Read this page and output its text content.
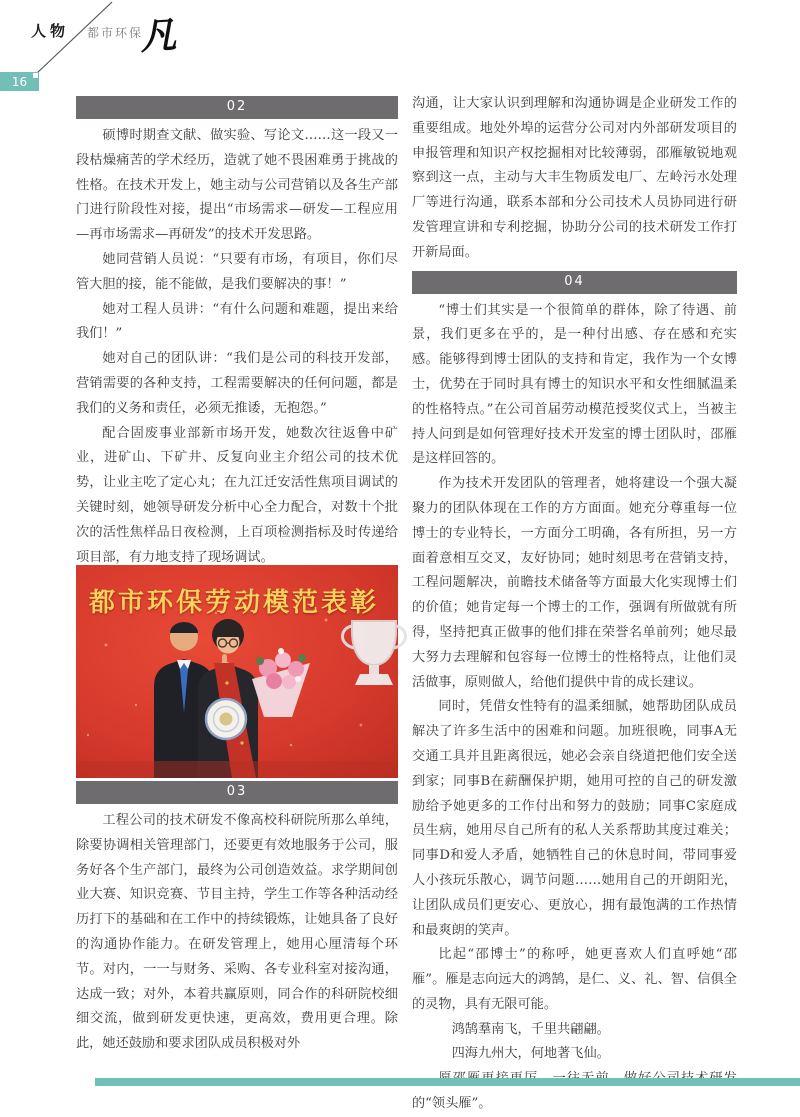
人物 都市环保
凡
16
02

硕博时期查文献、做实验、写论文……这一段又一段枯燥痛苦的学术经历，造就了她不畏困难勇于挑战的性格。在技术开发上，她主动与公司营销以及各生产部门进行阶段性对接，提出“市场需求—研发—工程应用—再市场需求—再研发”的技术开发思路。

她同营销人员说：“只要有市场，有项目，你们尽管大胆的接，能不能做，是我们要解决的事！”

她对工程人员讲：“有什么问题和难题，提出来给我们！”

她对自己的团队讲：“我们是公司的科技开发部，营销需要的各种支持，工程需要解决的任何问题，都是我们的义务和责任，必须无推诿，无抱怨。”

配合固废事业部新市场开发，她数次往返鲁中矿业，进矿山、下矿井、反复向业主介绍公司的技术优势，让业主吃了定心丸；在九江迁安活性焦项目调试的关键时刻，她领导研发分析中心全力配合，对数十个批次的活性焦样品日夜检测，上百项检测指标及时传递给项目部，有力地支持了现场调试。

都市环保劳动模范表彰
03

工程公司的技术研发不像高校科研院所那么单纯，除要协调相关管理部门，还要更有效地服务于公司，服务好各个生产部门，最终为公司创造效益。求学期间创业大赛、知识竞赛、节目主持，学生工作等各种活动经历打下的基础和在工作中的持续锻炼，让她具备了良好的沟通协作能力。在研发管理上，她用心厘清每个环节。对内，一一与财务、采购、各专业科室对接沟通，达成一致；对外，本着共赢原则，同合作的科研院校细细交流，做到研发更快速，更高效，费用更合理。除此，她还鼓励和要求团队成员积极对外

沟通，让大家认识到理解和沟通协调是企业研发工作的重要组成。地处外埠的运营分公司对内外部研发项目的申报管理和知识产权挖掘相对比较薄弱，邵雁敏锐地观察到这一点，主动与大丰生物质发电厂、左岭污水处理厂等进行沟通，联系本部和分公司技术人员协同进行研发管理宣讲和专利挖掘，协助分公司的技术研发工作打开新局面。

04

“博士们其实是一个很简单的群体，除了待遇、前景，我们更多在乎的，是一种付出感、存在感和充实感。能够得到博士团队的支持和肯定，我作为一个女博士，优势在于同时具有博士的知识水平和女性细腻温柔的性格特点。”在公司首届劳动模范授奖仪式上，当被主持人问到是如何管理好技术开发室的博士团队时，邵雁是这样回答的。

作为技术开发团队的管理者，她将建设一个强大凝聚力的团队体现在工作的方方面面。她充分尊重每一位博士的专业特长，一方面分工明确，各有所担，另一方面着意相互交叉，友好协同；她时刻思考在营销支持，工程问题解决，前瞻技术储备等方面最大化实现博士们的价值；她肯定每一个博士的工作，强调有所做就有所得，坚持把真正做事的他们排在荣誉名单前列；她尽最大努力去理解和包容每一位博士的性格特点，让他们灵活做事，原则做人，给他们提供中肯的成长建议。

同时，凭借女性特有的温柔细腻，她帮助团队成员解决了许多生活中的困难和问题。加班很晚，同事A无交通工具并且距离很远，她必会亲自绕道把他们安全送到家；同事B在薪酬保护期，她用可控的自己的研发激励给予她更多的工作付出和努力的鼓励；同事C家庭成员生病，她用尽自己所有的私人关系帮助其度过难关；同事D和爱人矛盾，她牺牲自己的休息时间，带同事爱人小孩玩乐散心，调节问题……她用自己的开朗阳光，让团队成员们更安心、更放心，拥有最饱满的工作热情和最爽朗的笑声。

比起“邵博士”的称呼，她更喜欢人们直呼她“邵雁”。雁是志向远大的鸿鹄，是仁、义、礼、智、信俱全的灵物，具有无限可能。

鸿鹄羣南飞，千里共翩翩。

四海九州大，何地著飞仙。

的“领头雁”。
